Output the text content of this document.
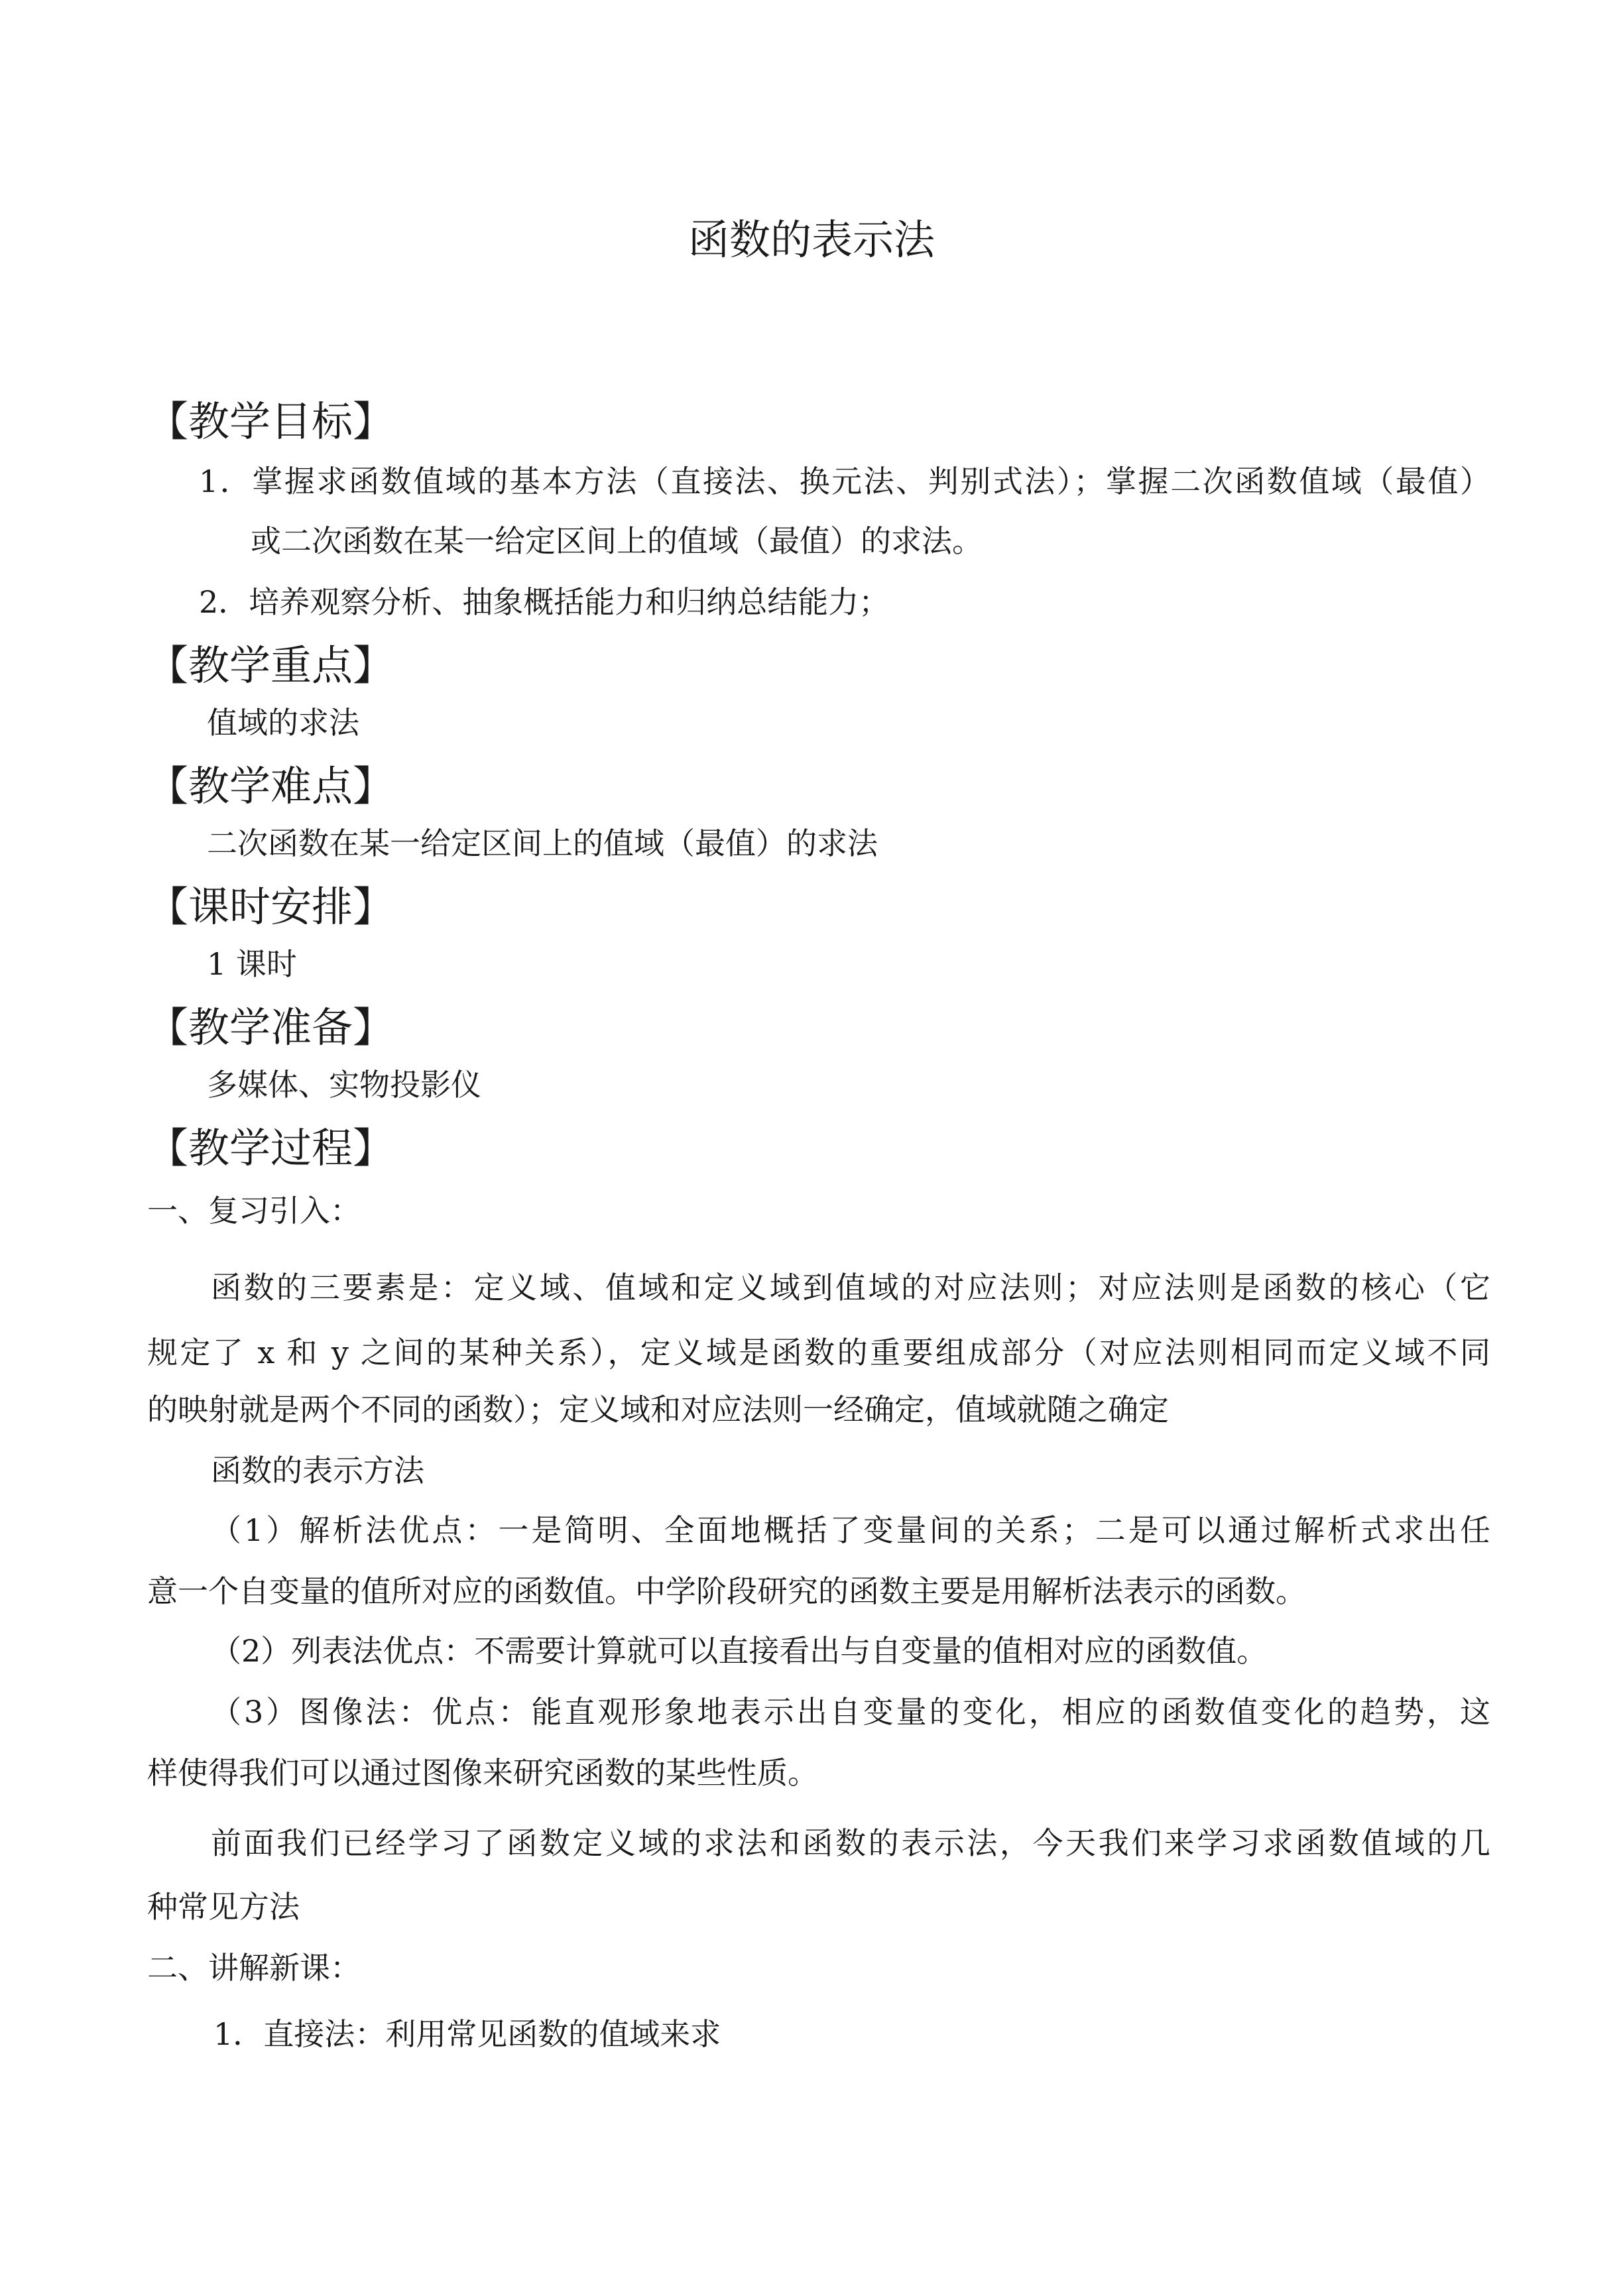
函数的表示法
【教学目标】

1．掌握求函数值域的基本方法（直接法、换元法、判别式法）；掌握二次函数值域（最值）

或二次函数在某一给定区间上的值域（最值）的求法。

2．培养观察分析、抽象概括能力和归纳总结能力；

【教学重点】

值域的求法

【教学难点】

二次函数在某一给定区间上的值域（最值）的求法

【课时安排】

1 课时

【教学准备】

多媒体、实物投影仪

【教学过程】

一、复习引入：

函数的三要素是：定义域、值域和定义域到值域的对应法则；对应法则是函数的核心（它

规定了 x 和 y 之间的某种关系），定义域是函数的重要组成部分（对应法则相同而定义域不同

的映射就是两个不同的函数）；定义域和对应法则一经确定，值域就随之确定

函数的表示方法

（1）解析法优点：一是简明、全面地概括了变量间的关系；二是可以通过解析式求出任

意一个自变量的值所对应的函数值。中学阶段研究的函数主要是用解析法表示的函数。

（2）列表法优点：不需要计算就可以直接看出与自变量的值相对应的函数值。

（3）图像法：优点：能直观形象地表示出自变量的变化，相应的函数值变化的趋势，这

样使得我们可以通过图像来研究函数的某些性质。

前面我们已经学习了函数定义域的求法和函数的表示法，今天我们来学习求函数值域的几

种常见方法

二、讲解新课：

1．直接法：利用常见函数的值域来求
